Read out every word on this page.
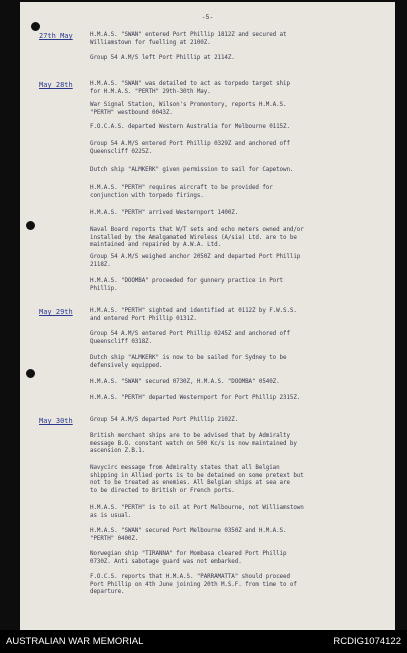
-5-
27th May	H.M.A.S. "SWAN" entered Port Phillip 1812Z and secured at
Williamstown for fuelling at 2100Z.
Group 54 A.M/S left Port Phillip at 2114Z.
May 28th	H.M.A.S. "SWAN" was detailed to act as torpedo target ship
for H.M.A.S. "PERTH" 29th-30th May.
War Signal Station, Wilson's Promontory, reports H.M.A.S.
"PERTH" westbound 0043Z.
F.O.C.A.S. departed Western Australia for Melbourne 0115Z.
Group 54 A.M/S entered Port Phillip 0329Z and anchored off
Queenscliff 0225Z.
Dutch ship "ALMKERK" given permission to sail for Capetown.
H.M.A.S. "PERTH" requires aircraft to be provided for
conjunction with torpedo firings.
H.M.A.S. "PERTH" arrived Westernport 1400Z.
Naval Board reports that W/T sets and echo meters owned and/or
installed by the Amalgamated Wireless (A/sia) Ltd. are to be
maintained and repaired by A.W.A. Ltd.
Group 54 A.M/S weighed anchor 2050Z and departed Port Phillip
2118Z.
H.M.A.S. "DOOMBA" proceeded for gunnery practice in Port
Phillip.
May 29th	H.M.A.S. "PERTH" sighted and identified at 0112Z by F.W.S.S.
and entered Port Phillip 0131Z.
Group 54 A.M/S entered Port Phillip 0245Z and anchored off
Queenscliff 0318Z.
Dutch ship "ALMKERK" is now to be sailed for Sydney to be
defensively equipped.
H.M.A.S. "SWAN" secured 0730Z, H.M.A.S. "DOOMBA" 0540Z.
H.M.A.S. "PERTH" departed Westernport for Port Phillip 2315Z.
May 30th	Group 54 A.M/S departed Port Phillip 2102Z.
British merchant ships are to be advised that by Admiralty
message B.O. constant watch on 500 Kc/s is now maintained by
ascension Z.B.1.
Navycirc message from Admiralty states that all Belgian
shipping in Allied ports is to be detained on some pretext but
not to be treated as enemies. All Belgian ships at sea are
to be directed to British or French ports.
H.M.A.S. "PERTH" is to oil at Port Melbourne, not Williamstown
as is usual.
H.M.A.S. "SWAN" secured Port Melbourne 0350Z and H.M.A.S.
"PERTH" 0400Z.
Norwegian ship "TIRANNA" for Mombasa cleared Port Phillip
0730Z. Anti sabotage guard was not embarked.
F.O.C.S. reports that H.M.A.S. "PARRAMATTA" should proceed
Port Phillip on 4th June joining 20th M.S.F. from time to of
departure.
AUSTRALIAN WAR MEMORIAL	RCDIG1074122
